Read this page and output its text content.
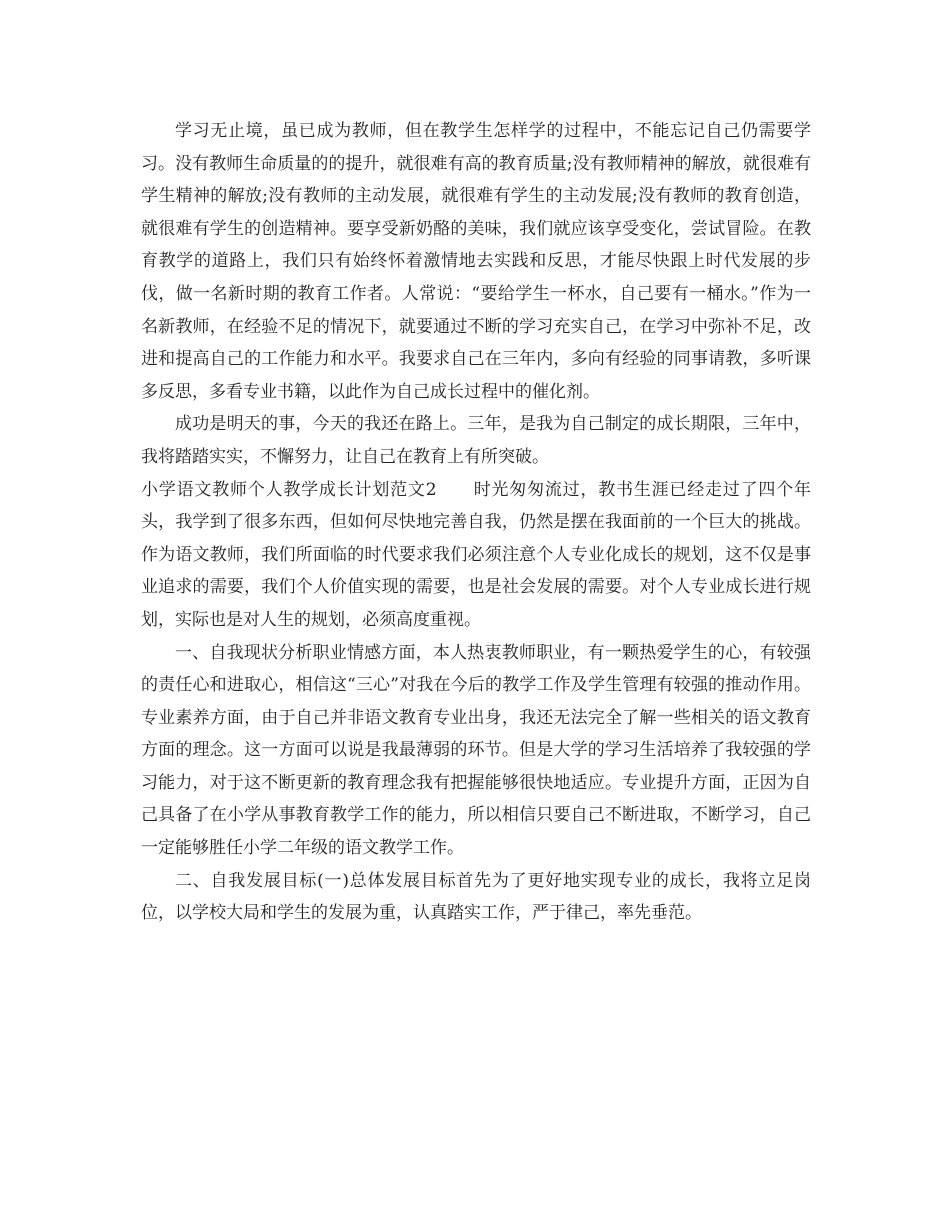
学习无止境，虽已成为教师，但在教学生怎样学的过程中，不能忘记自己仍需要学习。没有教师生命质量的的提升，就很难有高的教育质量;没有教师精神的解放，就很难有学生精神的解放;没有教师的主动发展，就很难有学生的主动发展;没有教师的教育创造，就很难有学生的创造精神。要享受新奶酪的美味，我们就应该享受变化，尝试冒险。在教育教学的道路上，我们只有始终怀着激情地去实践和反思，才能尽快跟上时代发展的步伐，做一名新时期的教育工作者。人常说：“要给学生一杯水，自己要有一桶水。”作为一名新教师，在经验不足的情况下，就要通过不断的学习充实自己，在学习中弥补不足，改进和提高自己的工作能力和水平。我要求自己在三年内，多向有经验的同事请教，多听课多反思，多看专业书籍，以此作为自己成长过程中的催化剂。

成功是明天的事，今天的我还在路上。三年，是我为自己制定的成长期限，三年中，我将踏踏实实，不懈努力，让自己在教育上有所突破。

小学语文教师个人教学成长计划范文2 时光匆匆流过，教书生涯已经走过了四个年头，我学到了很多东西，但如何尽快地完善自我，仍然是摆在我面前的一个巨大的挑战。作为语文教师，我们所面临的时代要求我们必须注意个人专业化成长的规划，这不仅是事业追求的需要，我们个人价值实现的需要，也是社会发展的需要。对个人专业成长进行规划，实际也是对人生的规划，必须高度重视。

一、自我现状分析职业情感方面，本人热衷教师职业，有一颗热爱学生的心，有较强的责任心和进取心，相信这“三心”对我在今后的教学工作及学生管理有较强的推动作用。专业素养方面，由于自己并非语文教育专业出身，我还无法完全了解一些相关的语文教育方面的理念。这一方面可以说是我最薄弱的环节。但是大学的学习生活培养了我较强的学习能力，对于这不断更新的教育理念我有把握能够很快地适应。专业提升方面，正因为自己具备了在小学从事教育教学工作的能力，所以相信只要自己不断进取，不断学习，自己一定能够胜任小学二年级的语文教学工作。

二、自我发展目标(一)总体发展目标首先为了更好地实现专业的成长，我将立足岗位，以学校大局和学生的发展为重，认真踏实工作，严于律己，率先垂范。
